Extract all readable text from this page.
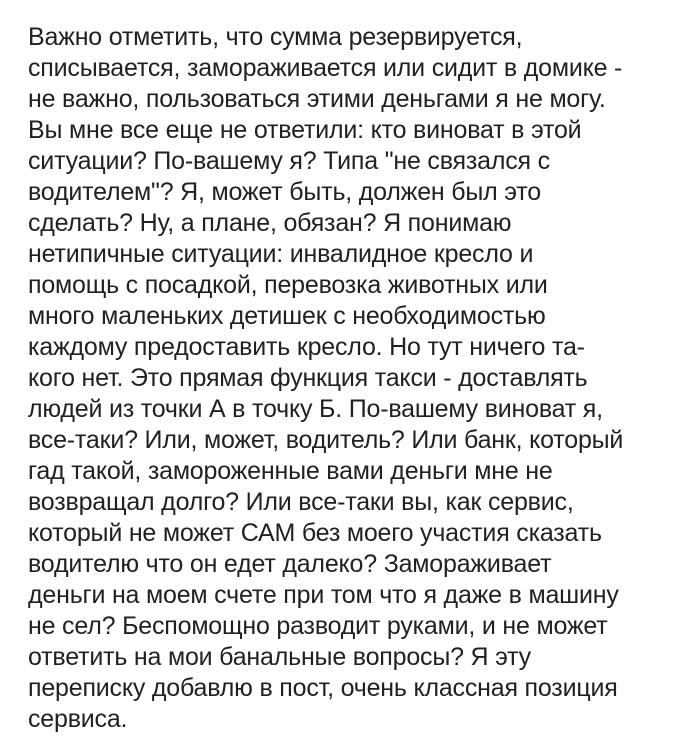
Важно отметить, что сумма резервируется,
списывается, замораживается или сидит в домике -
не важно, пользоваться этими деньгами я не могу.
Вы мне все еще не ответили: кто виноват в этой
ситуации? По-вашему я? Типа "не связался с
водителем"? Я, может быть, должен был это
сделать? Ну, а плане, обязан? Я понимаю
нетипичные ситуации: инвалидное кресло и
помощь с посадкой, перевозка животных или
много маленьких детишек с необходимостью
каждому предоставить кресло. Но тут ничего та-
кого нет. Это прямая функция такси - доставлять
людей из точки А в точку Б. По-вашему виноват я,
все-таки? Или, может, водитель? Или банк, который
гад такой, замороженные вами деньги мне не
возвращал долго? Или все-таки вы, как сервис,
который не может САМ без моего участия сказать
водителю что он едет далеко? Замораживает
деньги на моем счете при том что я даже в машину
не сел? Беспомощно разводит руками, и не может
ответить на мои банальные вопросы? Я эту
переписку добавлю в пост, очень классная позиция
сервиса.
